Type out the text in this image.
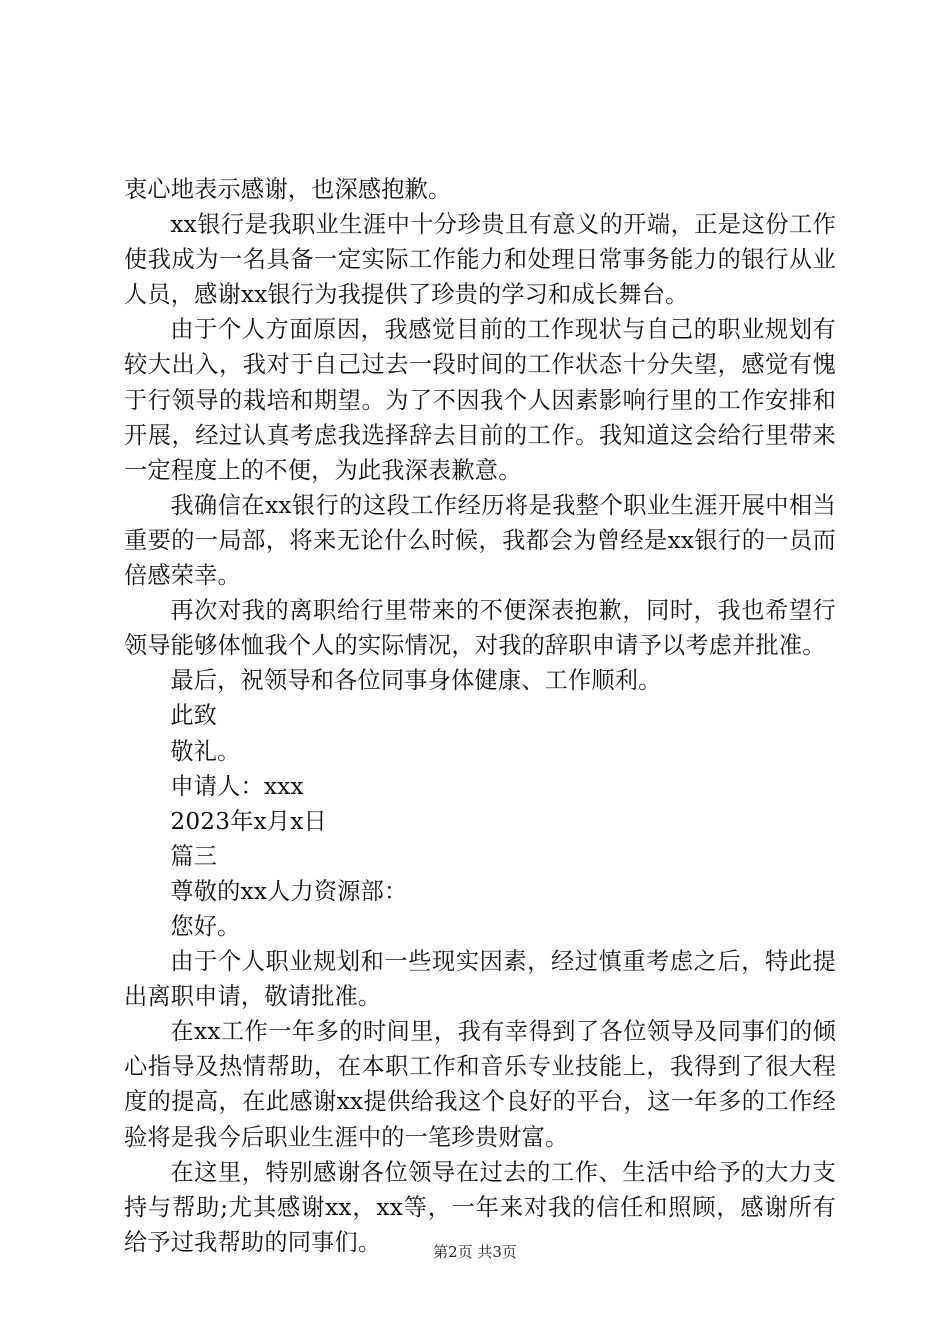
衷心地表示感谢，也深感抱歉。

xx银行是我职业生涯中十分珍贵且有意义的开端，正是这份工作使我成为一名具备一定实际工作能力和处理日常事务能力的银行从业人员，感谢xx银行为我提供了珍贵的学习和成长舞台。

由于个人方面原因，我感觉目前的工作现状与自己的职业规划有较大出入，我对于自己过去一段时间的工作状态十分失望，感觉有愧于行领导的栽培和期望。为了不因我个人因素影响行里的工作安排和开展，经过认真考虑我选择辞去目前的工作。我知道这会给行里带来一定程度上的不便，为此我深表歉意。

我确信在xx银行的这段工作经历将是我整个职业生涯开展中相当重要的一局部，将来无论什么时候，我都会为曾经是xx银行的一员而倍感荣幸。

再次对我的离职给行里带来的不便深表抱歉，同时，我也希望行领导能够体恤我个人的实际情况，对我的辞职申请予以考虑并批准。

最后，祝领导和各位同事身体健康、工作顺利。

此致

敬礼。

申请人：xxx

2023年x月x日

篇三

尊敬的xx人力资源部：

您好。

由于个人职业规划和一些现实因素，经过慎重考虑之后，特此提出离职申请，敬请批准。

在xx工作一年多的时间里，我有幸得到了各位领导及同事们的倾心指导及热情帮助，在本职工作和音乐专业技能上，我得到了很大程度的提高，在此感谢xx提供给我这个良好的平台，这一年多的工作经验将是我今后职业生涯中的一笔珍贵财富。

在这里，特别感谢各位领导在过去的工作、生活中给予的大力支持与帮助;尤其感谢xx，xx等，一年来对我的信任和照顾，感谢所有给予过我帮助的同事们。	第2页 共3页
